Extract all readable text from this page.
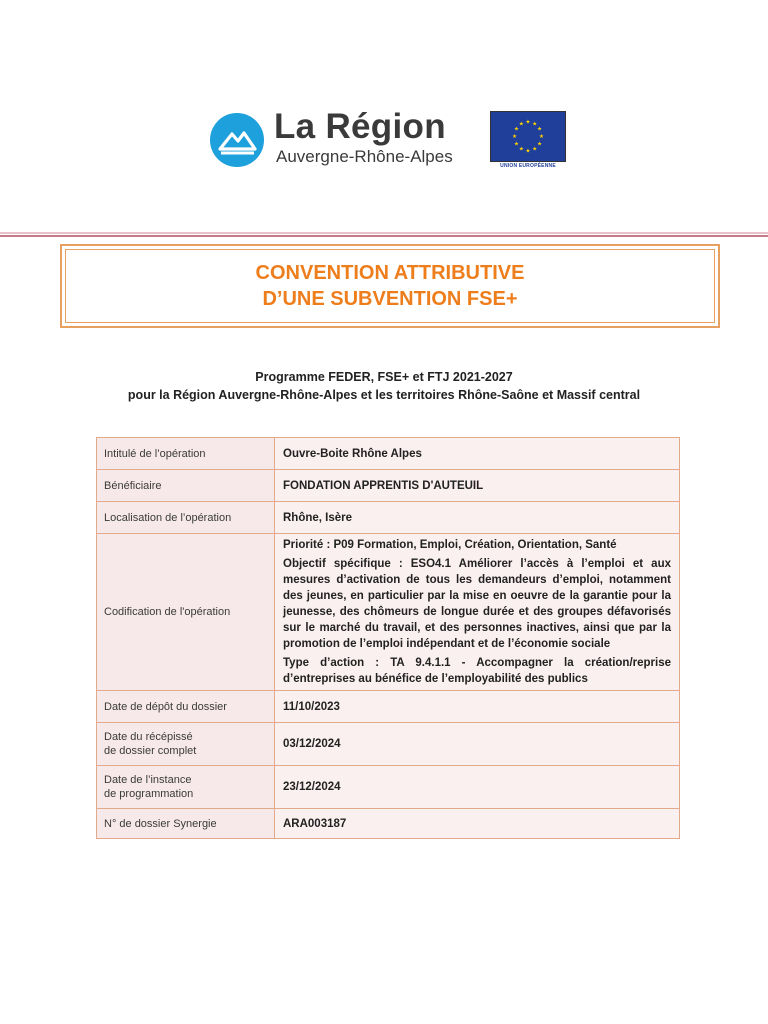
La Région
Auvergne-Rhône-Alpes
★ ★
★
★
★
★
★
★
★
★
★
★
UNION EUROPÉENNE
CONVENTION ATTRIBUTIVE
D’UNE SUBVENTION FSE+
Programme FEDER, FSE+ et FTJ 2021-2027
pour la Région Auvergne-Rhône-Alpes et les territoires Rhône-Saône et Massif central
Intitulé de l’opération	Ouvre-Boite Rhône Alpes
Bénéficiaire	FONDATION APPRENTIS D'AUTEUIL
Localisation de l’opération	Rhône, Isère
Codification de l'opération	Priorité : P09 Formation, Emploi, Création, Orientation, Santé
Objectif spécifique : ESO4.1 Améliorer l’accès à l’emploi et aux mesures d’activation de tous les demandeurs d’emploi, notamment des jeunes, en particulier par la mise en oeuvre de la garantie pour la jeunesse, des chômeurs de longue durée et des groupes défavorisés sur le marché du travail, et des personnes inactives, ainsi que par la promotion de l’emploi indépendant et de l’économie sociale
Type d’action : TA 9.4.1.1 - Accompagner la création/reprise d’entreprises au bénéfice de l’employabilité des publics

Date de dépôt du dossier	11/10/2023

Date du récépissé
de dossier complet	03/12/2024

Date de l’instance
de programmation	23/12/2024
N° de dossier Synergie	ARA003187
